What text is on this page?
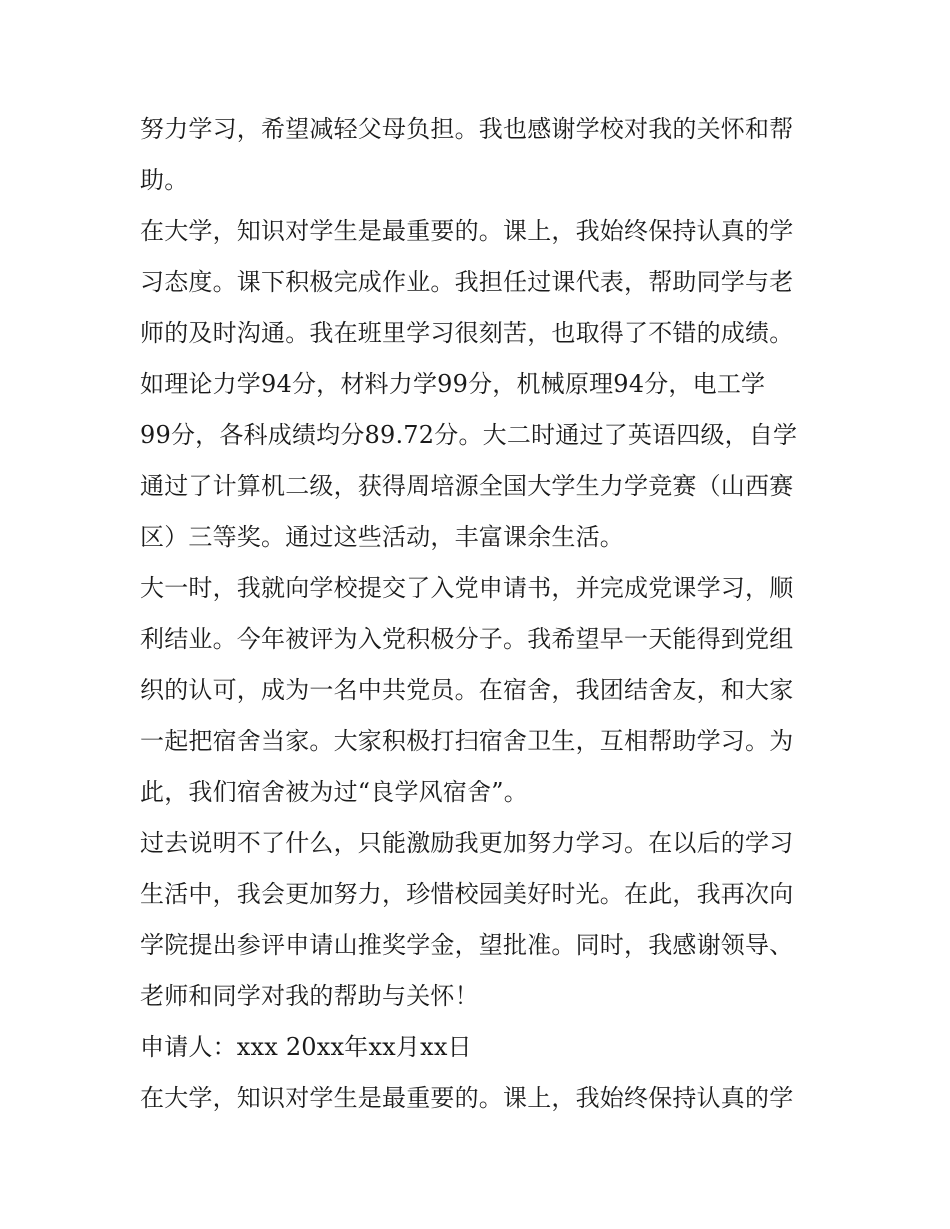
努力学习，希望减轻父母负担。我也感谢学校对我的关怀和帮
助。
在大学，知识对学生是最重要的。课上，我始终保持认真的学
习态度。课下积极完成作业。我担任过课代表，帮助同学与老
师的及时沟通。我在班里学习很刻苦，也取得了不错的成绩。
如理论力学94分，材料力学99分，机械原理94分，电工学
99分，各科成绩均分89.72分。大二时通过了英语四级，自学
通过了计算机二级，获得周培源全国大学生力学竞赛（山西赛
区）三等奖。通过这些活动，丰富课余生活。
大一时，我就向学校提交了入党申请书，并完成党课学习，顺
利结业。今年被评为入党积极分子。我希望早一天能得到党组
织的认可，成为一名中共党员。在宿舍，我团结舍友，和大家
一起把宿舍当家。大家积极打扫宿舍卫生，互相帮助学习。为
此，我们宿舍被为过“良学风宿舍”。
过去说明不了什么，只能激励我更加努力学习。在以后的学习
生活中，我会更加努力，珍惜校园美好时光。在此，我再次向
学院提出参评申请山推奖学金，望批准。同时，我感谢领导、
老师和同学对我的帮助与关怀！
申请人：xxx 20xx年xx月xx日
在大学，知识对学生是最重要的。课上，我始终保持认真的学
